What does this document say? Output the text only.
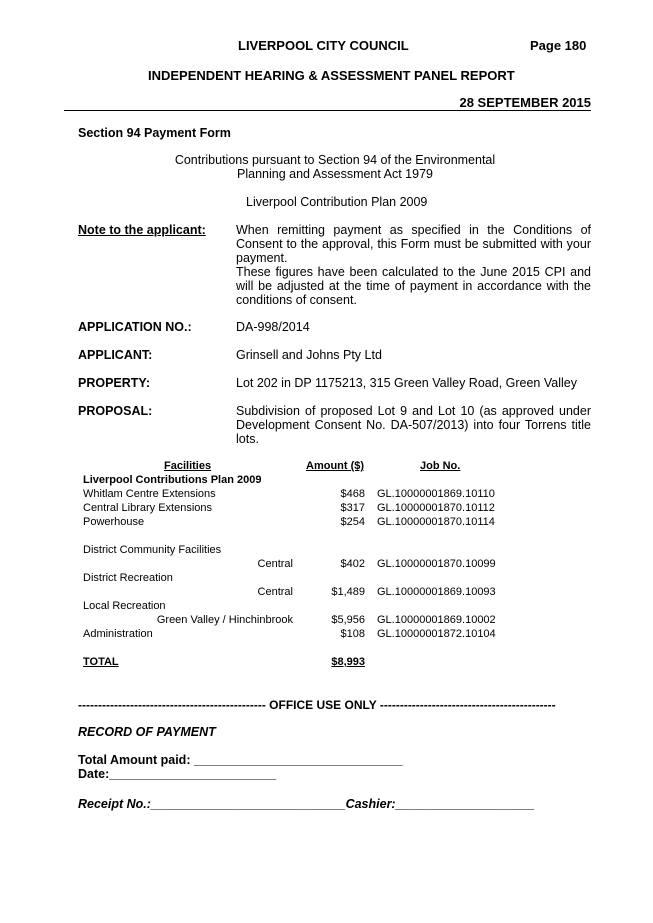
LIVERPOOL CITY COUNCIL	Page 180
INDEPENDENT HEARING & ASSESSMENT PANEL REPORT
28 SEPTEMBER 2015
Section 94 Payment Form
Contributions pursuant to Section 94 of the Environmental
Planning and Assessment Act 1979
Liverpool Contribution Plan 2009
Note to the applicant: When remitting payment as specified in the Conditions of Consent to the approval, this Form must be submitted with your payment.
These figures have been calculated to the June 2015 CPI and will be adjusted at the time of payment in accordance with the conditions of consent.
APPLICATION NO.:	DA-998/2014
APPLICANT:	Grinsell and Johns Pty Ltd
PROPERTY:	Lot 202 in DP 1175213, 315 Green Valley Road, Green Valley
PROPOSAL:	Subdivision of proposed Lot 9 and Lot 10 (as approved under Development Consent No. DA-507/2013) into four Torrens title lots.
Facilities	Amount ($)	Job No.
Liverpool Contributions Plan 2009
Whitlam Centre Extensions	$468 GL.10000001869.10110
Central Library Extensions	$317 GL.10000001870.10112
Powerhouse	$254 GL.10000001870.10114
District Community Facilities
Central	$402 GL.10000001870.10099
District Recreation
Central	$1,489 GL.10000001869.10093
Local Recreation
Green Valley / Hinchinbrook	$5,956 GL.10000001869.10002
Administration	$108 GL.10000001872.10104
TOTAL	$8,993
----------------------------------------------- OFFICE USE ONLY --------------------------------------------
RECORD OF PAYMENT
Total Amount paid: ______________________________
Date:________________________
Receipt No.:____________________________Cashier:____________________
